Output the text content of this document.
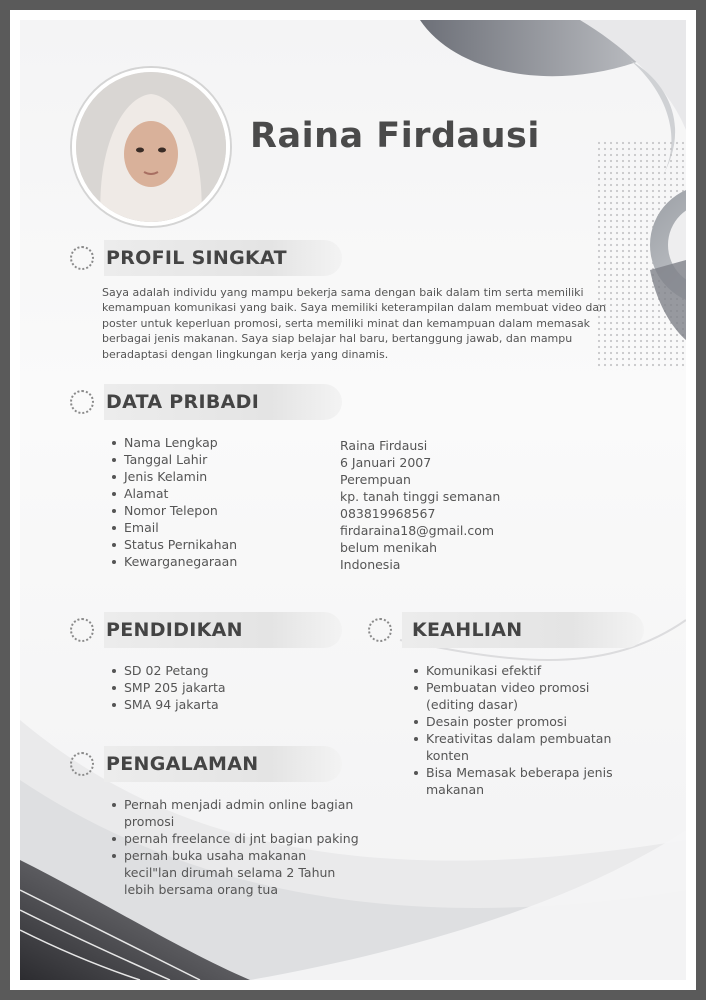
Raina Firdausi
PROFIL SINGKAT
Saya adalah individu yang mampu bekerja sama dengan baik dalam tim serta memiliki kemampuan komunikasi yang baik. Saya memiliki keterampilan dalam membuat video dan poster untuk keperluan promosi, serta memiliki minat dan kemampuan dalam memasak berbagai jenis makanan. Saya siap belajar hal baru, bertanggung jawab, dan mampu beradaptasi dengan lingkungan kerja yang dinamis.
DATA PRIBADI
Nama Lengkap
Tanggal Lahir
Jenis Kelamin
Alamat
Nomor Telepon
Email
Status Pernikahan
Kewarganegaraan
Raina Firdausi
6 Januari 2007
Perempuan
kp. tanah tinggi semanan
083819968567
firdaraina18@gmail.com
belum menikah
Indonesia
PENDIDIKAN
SD 02 Petang
SMP 205 jakarta
SMA 94 jakarta
KEAHLIAN
Komunikasi efektif
Pembuatan video promosi (editing dasar)
Desain poster promosi
Kreativitas dalam pembuatan konten
Bisa Memasak beberapa jenis makanan
PENGALAMAN
Pernah menjadi admin online bagian promosi
pernah freelance di jnt bagian paking
pernah buka usaha makanan kecil"lan dirumah selama 2 Tahun lebih bersama orang tua
